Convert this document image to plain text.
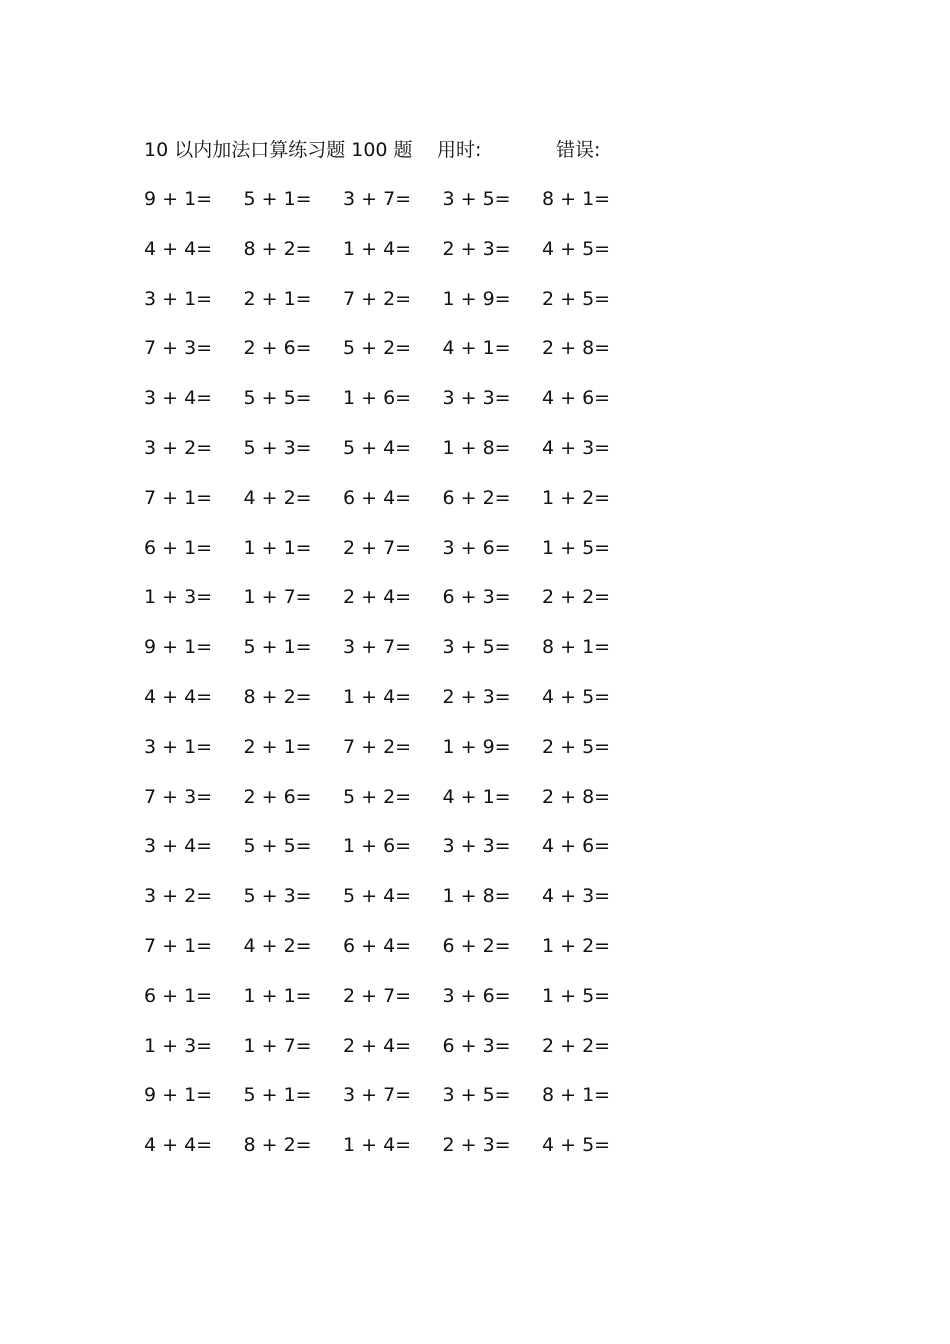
10 以内加法口算练习题 100 题 用时:	错误:
9 + 1= 5 + 1= 3 + 7= 3 + 5= 8 + 1=
4 + 4= 8 + 2= 1 + 4= 2 + 3= 4 + 5=
3 + 1= 2 + 1= 7 + 2= 1 + 9= 2 + 5=
7 + 3= 2 + 6= 5 + 2= 4 + 1= 2 + 8=
3 + 4= 5 + 5= 1 + 6= 3 + 3= 4 + 6=
3 + 2= 5 + 3= 5 + 4= 1 + 8= 4 + 3=
7 + 1= 4 + 2= 6 + 4= 6 + 2= 1 + 2=
6 + 1= 1 + 1= 2 + 7= 3 + 6= 1 + 5=
1 + 3= 1 + 7= 2 + 4= 6 + 3= 2 + 2=
9 + 1= 5 + 1= 3 + 7= 3 + 5= 8 + 1=
4 + 4= 8 + 2= 1 + 4= 2 + 3= 4 + 5=
3 + 1= 2 + 1= 7 + 2= 1 + 9= 2 + 5=
7 + 3= 2 + 6= 5 + 2= 4 + 1= 2 + 8=
3 + 4= 5 + 5= 1 + 6= 3 + 3= 4 + 6=
3 + 2= 5 + 3= 5 + 4= 1 + 8= 4 + 3=
7 + 1= 4 + 2= 6 + 4= 6 + 2= 1 + 2=
6 + 1= 1 + 1= 2 + 7= 3 + 6= 1 + 5=
1 + 3= 1 + 7= 2 + 4= 6 + 3= 2 + 2=
9 + 1= 5 + 1= 3 + 7= 3 + 5= 8 + 1=
4 + 4= 8 + 2= 1 + 4= 2 + 3= 4 + 5=
